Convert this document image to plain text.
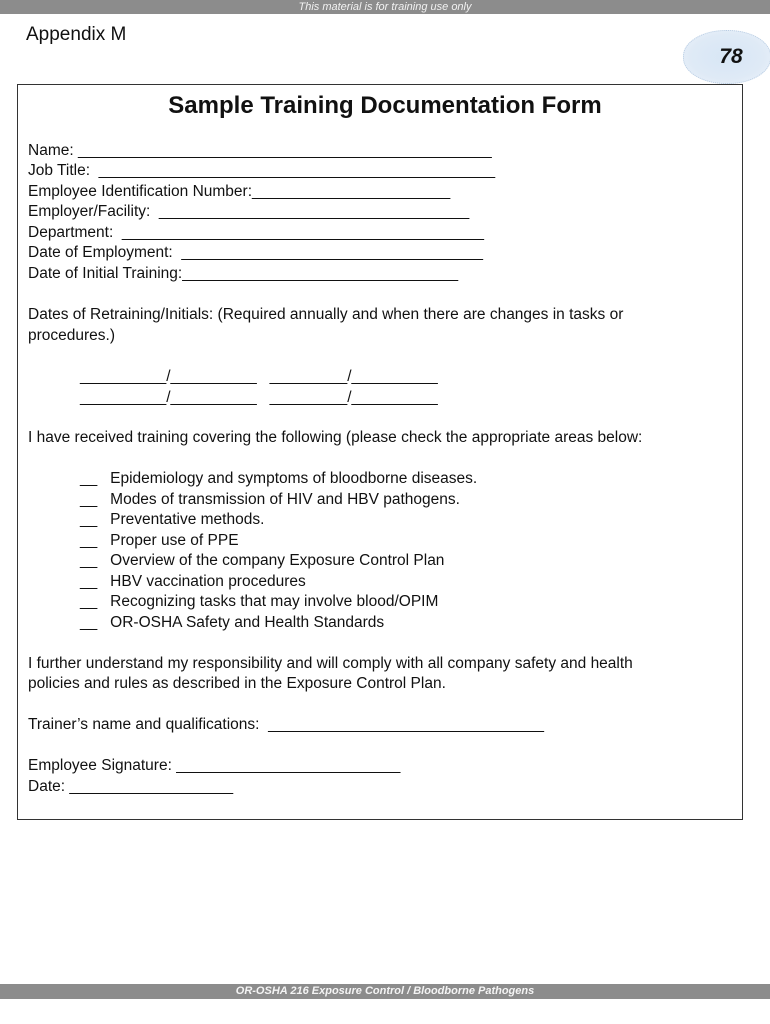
This material is for training use only
Appendix M
78
Sample Training Documentation Form
Name: ________________________________________________
Job Title:  ______________________________________________
Employee Identification Number:_______________________
Employer/Facility:  ____________________________________
Department:  __________________________________________
Date of Employment:  ___________________________________
Date of Initial Training:________________________________
Dates of Retraining/Initials: (Required annually and when there are changes in tasks or
procedures.)
__________/__________   _________/__________
__________/__________   _________/__________
I have received training covering the following (please check the appropriate areas below:
__   Epidemiology and symptoms of bloodborne diseases.
__   Modes of transmission of HIV and HBV pathogens.
__   Preventative methods.
__   Proper use of PPE
__   Overview of the company Exposure Control Plan
__   HBV vaccination procedures
__   Recognizing tasks that may involve blood/OPIM
__   OR-OSHA Safety and Health Standards
I further understand my responsibility and will comply with all company safety and health
policies and rules as described in the Exposure Control Plan.
Trainer’s name and qualifications:  ________________________________
Employee Signature: __________________________
Date: ___________________
OR-OSHA 216 Exposure Control / Bloodborne Pathogens
